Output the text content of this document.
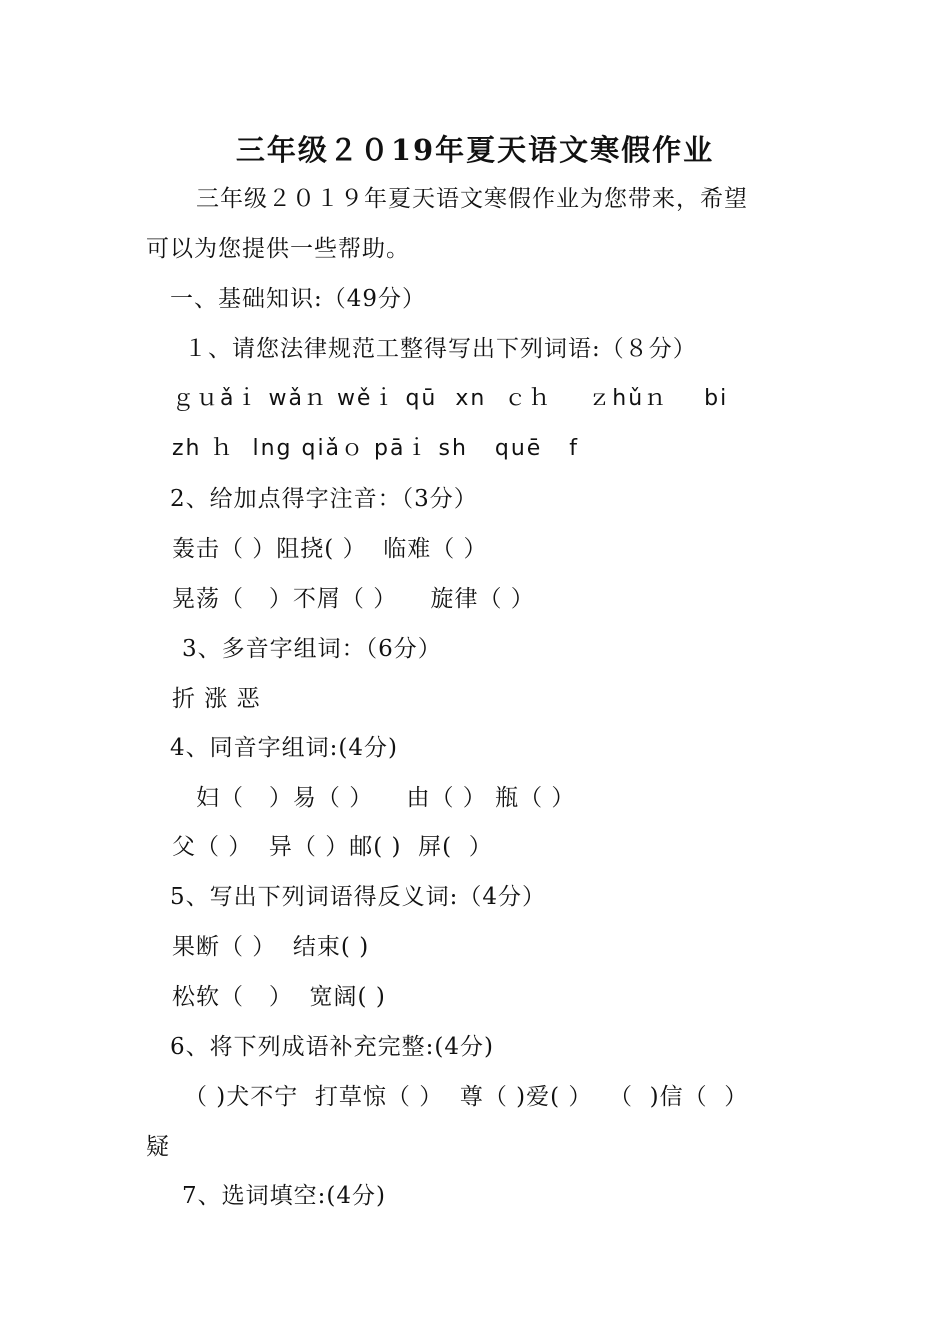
三年级２０19年夏天语文寒假作业
三年级２０１９年夏天语文寒假作业为您带来，希望
可以为您提供一些帮助。
一、基础知识:（49分）
１、请您法律规范工整得写出下列词语:（８分）
ｇｕǎｉ wǎｎ wěｉ qū  xn  ｃｈ    ｚhǔｎ    bi
zh ｈ  lng qiǎｏ pāｉ sh   quē   f
2、给加点得字注音：（3分）
轰击（ ）阻挠( ）  临难（ ）
晃荡（   ）不屑（ ）    旋律（ ）
3、多音字组词：（6分）
折 涨 恶
4、同音字组词:(4分)
妇（   ）易（ ）    由（ ） 瓶（ ）
父（ ）  异（ ）邮( )  屏(  ）
5、写出下列词语得反义词:（4分）
果断（ ）  结束( )
松软（   ）  宽阔( )
6、将下列成语补充完整:(4分)
（ )犬不宁  打草惊（ ）  尊（ )爱( ）  （  )信（  ）
疑
7、选词填空:(4分)
